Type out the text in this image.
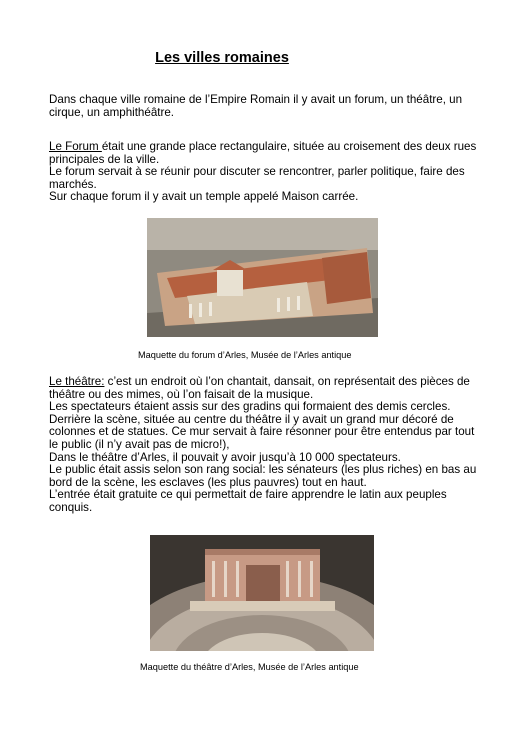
Les villes romaines

Dans chaque ville romaine de l’Empire Romain il y avait un forum, un théâtre, un cirque, un amphithéâtre.

Le Forum était une grande place rectangulaire, située au croisement des deux rues principales de la ville.

Le forum servait à se réunir pour discuter se rencontrer, parler politique, faire des marchés.

Sur chaque forum il y avait un temple appelé Maison carrée.

Maquette du forum d’Arles, Musée de l’Arles antique

Le théâtre: c’est un endroit où l’on chantait, dansait, on représentait des pièces de théâtre ou des mimes, où l’on faisait de la musique.

Les spectateurs étaient assis sur des gradins qui formaient des demis cercles.

Derrière la scène, située au centre du théâtre il y avait un grand mur décoré de colonnes et de statues. Ce mur servait à faire résonner pour être entendus par tout le public (il n’y avait pas de micro!),

Dans le théâtre d’Arles, il pouvait y avoir jusqu’à 10 000 spectateurs.

Le public était assis selon son rang social: les sénateurs (les plus riches) en bas au bord de la scène, les esclaves (les plus pauvres) tout en haut.

L’entrée était gratuite ce qui permettait de faire apprendre le latin aux peuples conquis.

Maquette du théâtre d’Arles, Musée de l’Arles antique
